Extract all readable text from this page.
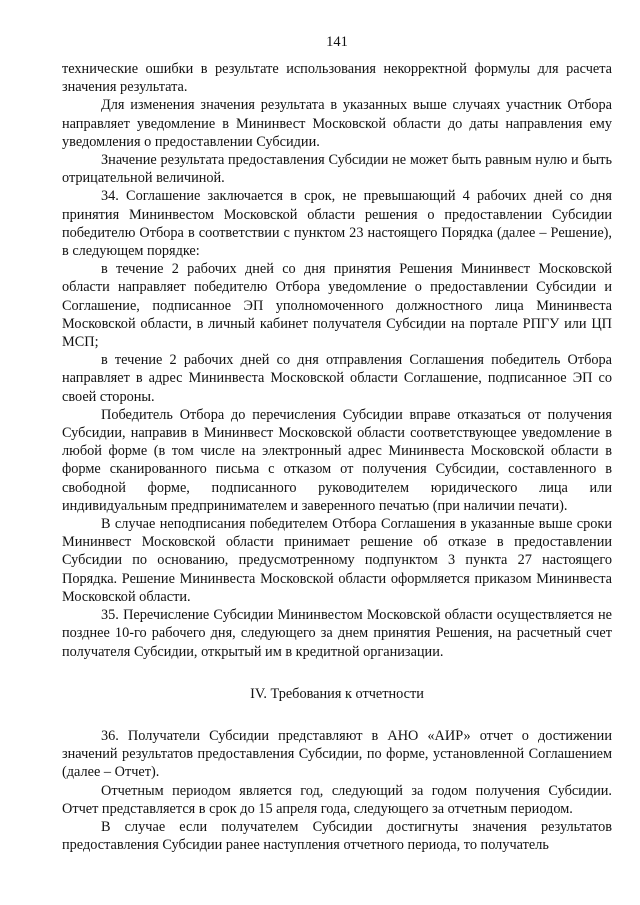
141

технические ошибки в результате использования некорректной формулы для расчета значения результата.

Для изменения значения результата в указанных выше случаях участник Отбора направляет уведомление в Мининвест Московской области до даты направления ему уведомления о предоставлении Субсидии.

Значение результата предоставления Субсидии не может быть равным нулю и быть отрицательной величиной.

34. Соглашение заключается в срок, не превышающий 4 рабочих дней со дня принятия Мининвестом Московской области решения о предоставлении Субсидии победителю Отбора в соответствии с пунктом 23 настоящего Порядка (далее – Решение), в следующем порядке:

в течение 2 рабочих дней со дня принятия Решения Мининвест Московской области направляет победителю Отбора уведомление о предоставлении Субсидии и Соглашение, подписанное ЭП уполномоченного должностного лица Мининвеста Московской области, в личный кабинет получателя Субсидии на портале РПГУ или ЦП МСП;

в течение 2 рабочих дней со дня отправления Соглашения победитель Отбора направляет в адрес Мининвеста Московской области Соглашение, подписанное ЭП со своей стороны.

Победитель Отбора до перечисления Субсидии вправе отказаться от получения Субсидии, направив в Мининвест Московской области соответствующее уведомление в любой форме (в том числе на электронный адрес Мининвеста Московской области в форме сканированного письма с отказом от получения Субсидии, составленного в свободной форме, подписанного руководителем юридического лица или индивидуальным предпринимателем и заверенного печатью (при наличии печати).

В случае неподписания победителем Отбора Соглашения в указанные выше сроки Мининвест Московской области принимает решение об отказе в предоставлении Субсидии по основанию, предусмотренному подпунктом 3 пункта 27 настоящего Порядка. Решение Мининвеста Московской области оформляется приказом Мининвеста Московской области.

35. Перечисление Субсидии Мининвестом Московской области осуществляется не позднее 10-го рабочего дня, следующего за днем принятия Решения, на расчетный счет получателя Субсидии, открытый им в кредитной организации.

IV. Требования к отчетности

36. Получатели Субсидии представляют в АНО «АИР» отчет о достижении значений результатов предоставления Субсидии, по форме, установленной Соглашением (далее – Отчет).

Отчетным периодом является год, следующий за годом получения Субсидии. Отчет представляется в срок до 15 апреля года, следующего за отчетным периодом.

В случае если получателем Субсидии достигнуты значения результатов предоставления Субсидии ранее наступления отчетного периода, то получатель
